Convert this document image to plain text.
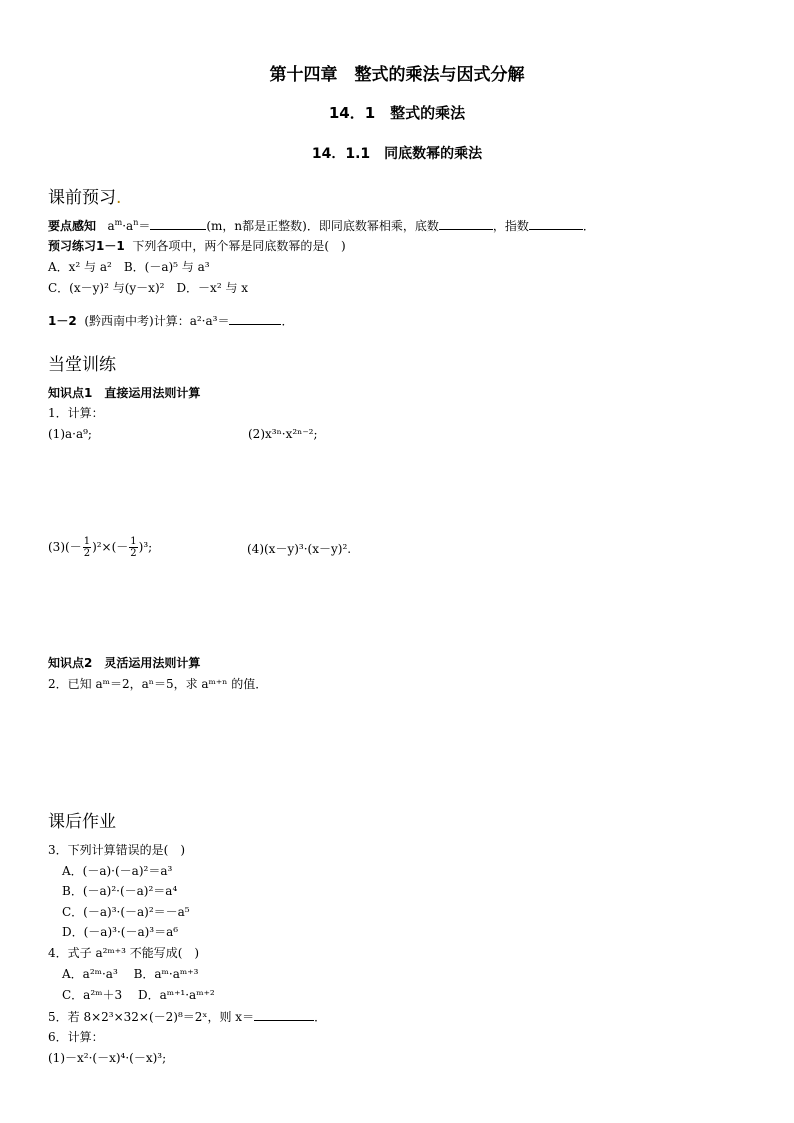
第十四章　整式的乘法与因式分解
14．1　整式的乘法
14．1.1　同底数幂的乘法
课前预习.
要点感知 $a^m\cdot a^n=$	(m，n都是正整数)．即同底数幂相乘，底数	，指数	．
预习练习1－1 下列各项中，两个幂是同底数幂的是(　)
A．x² 与 a²　B．(－a)⁵ 与 a³
C．(x－y)² 与(y－x)²　D．－x² 与 x
1－2 (黔西南中考)计算：a²·a³＝	．
当堂训练
知识点1　直接运用法则计算
1．计算：
(1)a·a⁹;	(2)x³ⁿ·x²ⁿ⁻²;
$(3)(- \frac{1}{2} )^2\times(- \frac{1}{2} )^3$;	(4)(x－y)³·(x－y)².
知识点2　灵活运用法则计算
2．已知 aᵐ＝2，aⁿ＝5，求 aᵐ⁺ⁿ 的值．
课后作业
3．下列计算错误的是(　)
A．(－a)·(－a)²＝a³
B．(－a)²·(－a)²＝a⁴
C．(－a)³·(－a)²＝－a⁵
D．(－a)³·(－a)³＝a⁶
4．式子 a²ᵐ⁺³ 不能写成(　)
A．a²ᵐ·a³　 B．aᵐ·aᵐ⁺³
C．a²ᵐ＋3　 D．aᵐ⁺¹·aᵐ⁺²
5．若 8×2³×32×(－2)⁸＝2ˣ，则 x＝	．
6．计算：
(1)－x²·(－x)⁴·(－x)³;
